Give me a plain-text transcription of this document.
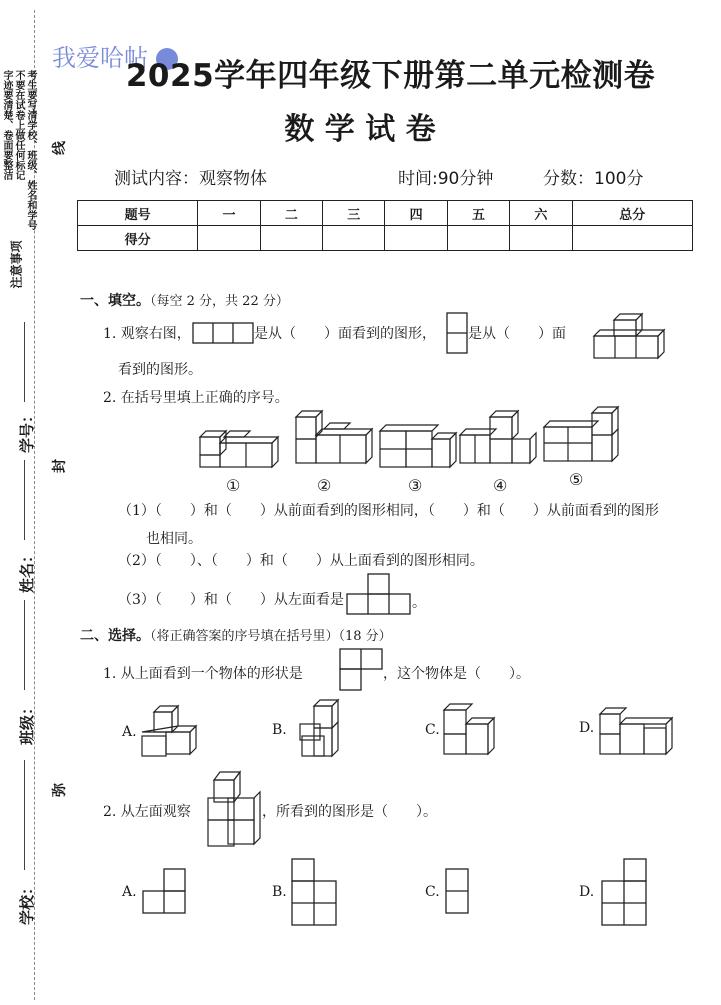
考生要写清学校、班级、姓名和学号
不要在试卷上做任何标记
字迹要清楚、卷面要整洁
注意事项
学号：
姓名：
班级：
学校：
线
封
弥
我爱哈帖
2025学年四年级下册第二单元检测卷
数 学 试 卷
测试内容：观察物体	时间:90分钟	分数：100分
题号	一	二	三	四	五	六	总分
得分							
一、填空。（每空 2 分，共 22 分）
1. 观察右图，	是从（　　）面看到的图形， 是从（　　）面
看到的图形。
2. 在括号里填上正确的序号。
①	②	③	④	⑤
（1）（　　）和（　　）从前面看到的图形相同，（　　）和（　　）从前面看到的图形
也相同。
（2）（　　）、（　　）和（　　）从上面看到的图形相同。
（3）（　　）和（　　）从左面看是	。
二、选择。（将正确答案的序号填在括号里）（18 分）
1. 从上面看到一个物体的形状是	，这个物体是（　　）。
A.	B.	C.	D.
2. 从左面观察	，所看到的图形是（　　）。
A.	B.	C.	D.
